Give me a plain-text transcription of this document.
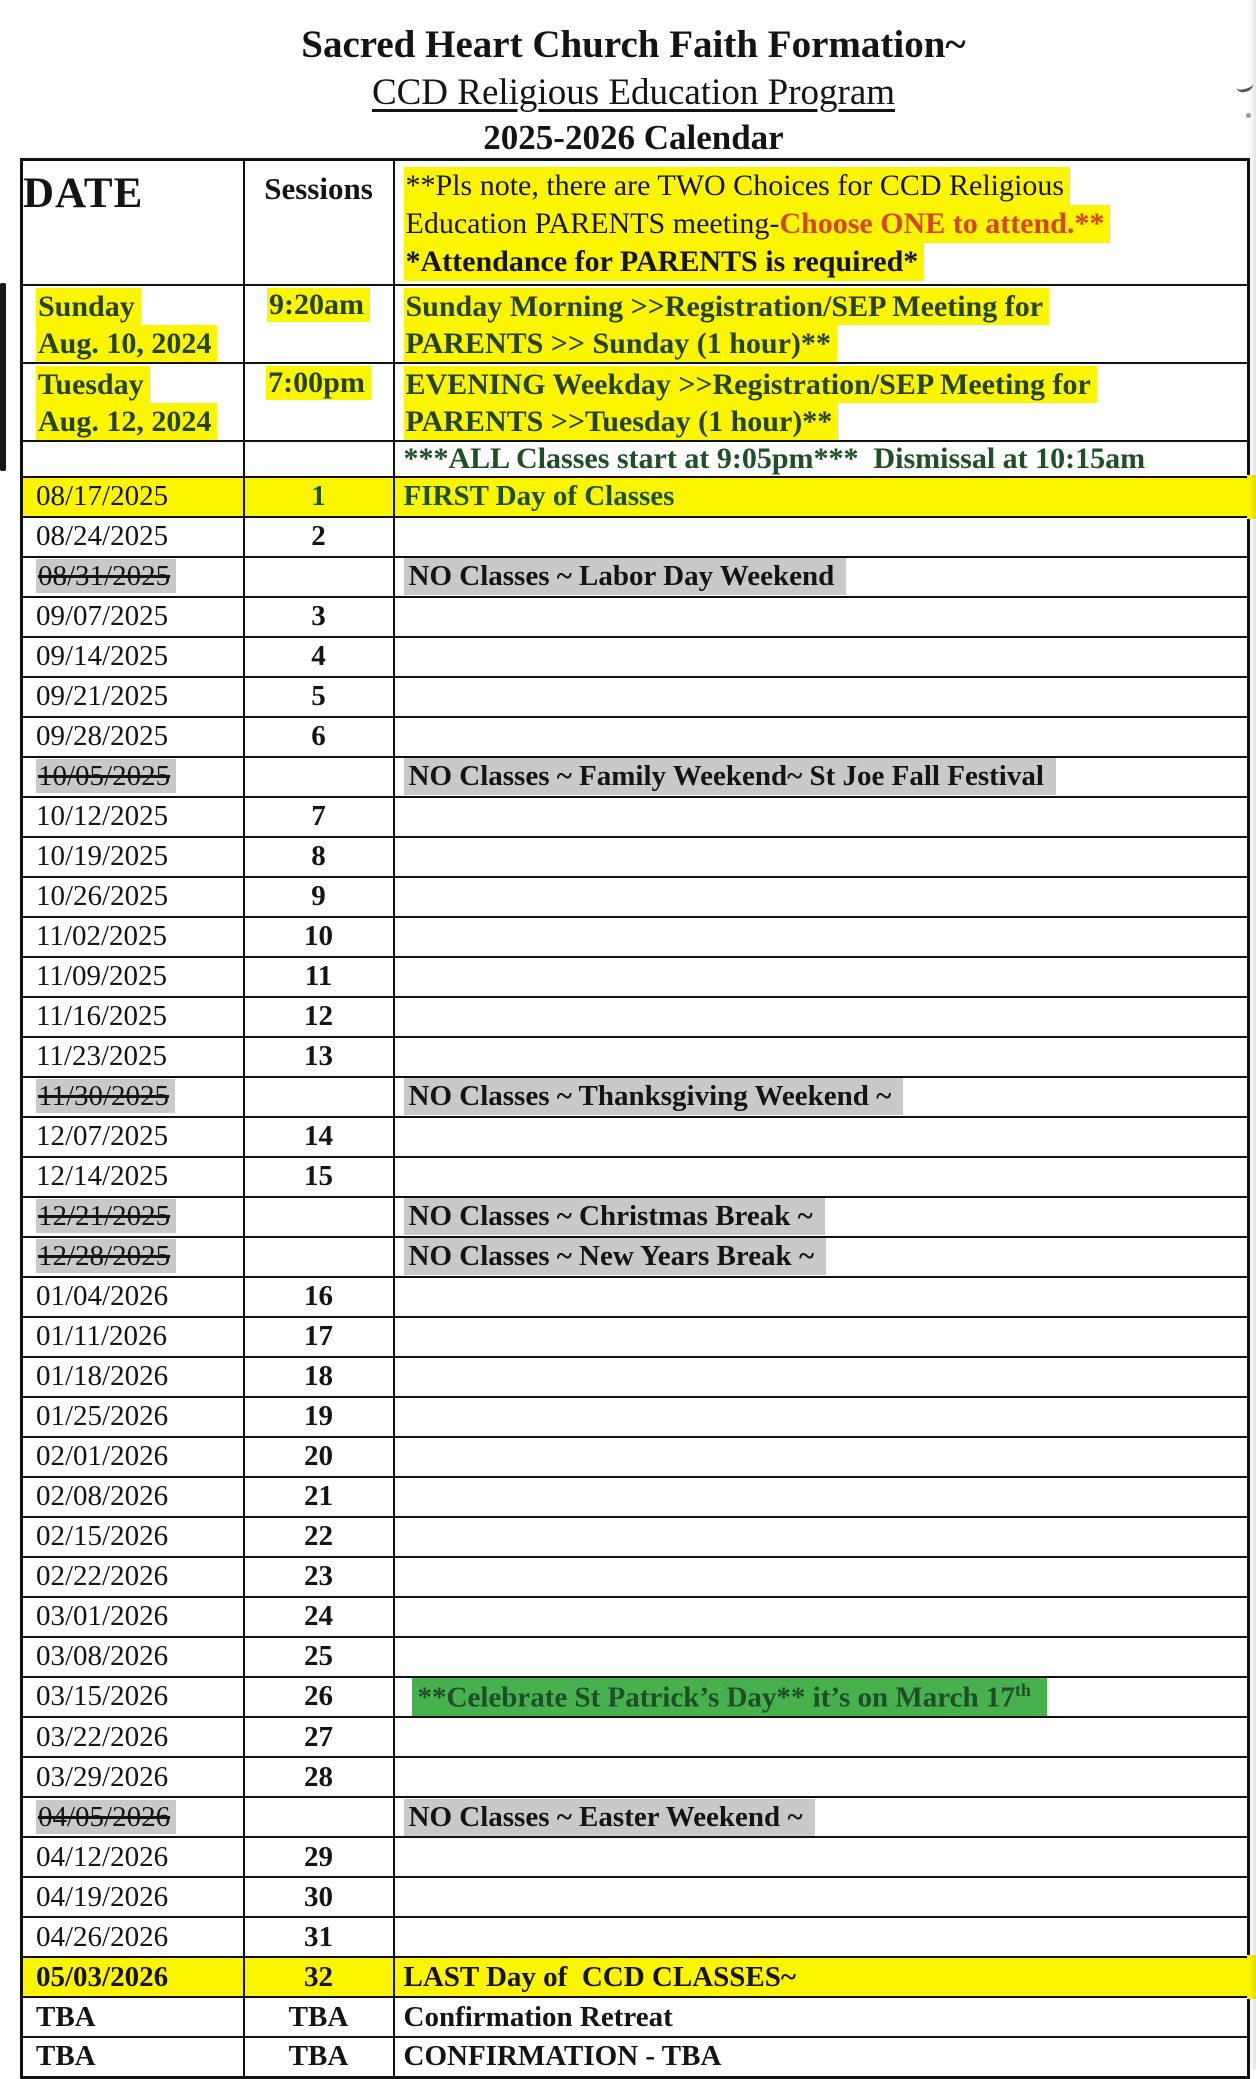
Sacred Heart Church Faith Formation~
CCD Religious Education Program
2025-2026 Calendar
DATE	Sessions	**Pls note, there are TWO Choices for CCD Religious
Education PARENTS meeting-Choose ONE to attend.**
*Attendance for PARENTS is required*

Sunday Aug. 10, 2024	9:20am	Sunday Morning >>Registration/SEP Meeting for PARENTS >> Sunday (1 hour)**
Tuesday Aug. 12, 2024	7:00pm	EVENING Weekday >>Registration/SEP Meeting for PARENTS >>Tuesday (1 hour)**
		***ALL Classes start at 9:05pm***  Dismissal at 10:15am
08/17/2025	1	FIRST Day of Classes
08/24/2025	2	
08/31/2025		NO Classes ~ Labor Day Weekend
09/07/2025	3	
09/14/2025	4	
09/21/2025	5	
09/28/2025	6	
10/05/2025		NO Classes ~ Family Weekend~ St Joe Fall Festival
10/12/2025	7	
10/19/2025	8	
10/26/2025	9	
11/02/2025	10	
11/09/2025	11	
11/16/2025	12	
11/23/2025	13	
11/30/2025		NO Classes ~ Thanksgiving Weekend ~
12/07/2025	14	
12/14/2025	15	
12/21/2025		NO Classes ~ Christmas Break ~
12/28/2025		NO Classes ~ New Years Break ~
01/04/2026	16	
01/11/2026	17	
01/18/2026	18	
01/25/2026	19	
02/01/2026	20	
02/08/2026	21	
02/15/2026	22	
02/22/2026	23	
03/01/2026	24	
03/08/2026	25	
03/15/2026	26	**Celebrate St Patrick’s Day** it’s on March 17th
03/22/2026	27	
03/29/2026	28	
04/05/2026		NO Classes ~ Easter Weekend ~
04/12/2026	29	
04/19/2026	30	
04/26/2026	31	
05/03/2026	32	LAST Day of  CCD CLASSES~
TBA	TBA	Confirmation Retreat
TBA	TBA	CONFIRMATION - TBA
